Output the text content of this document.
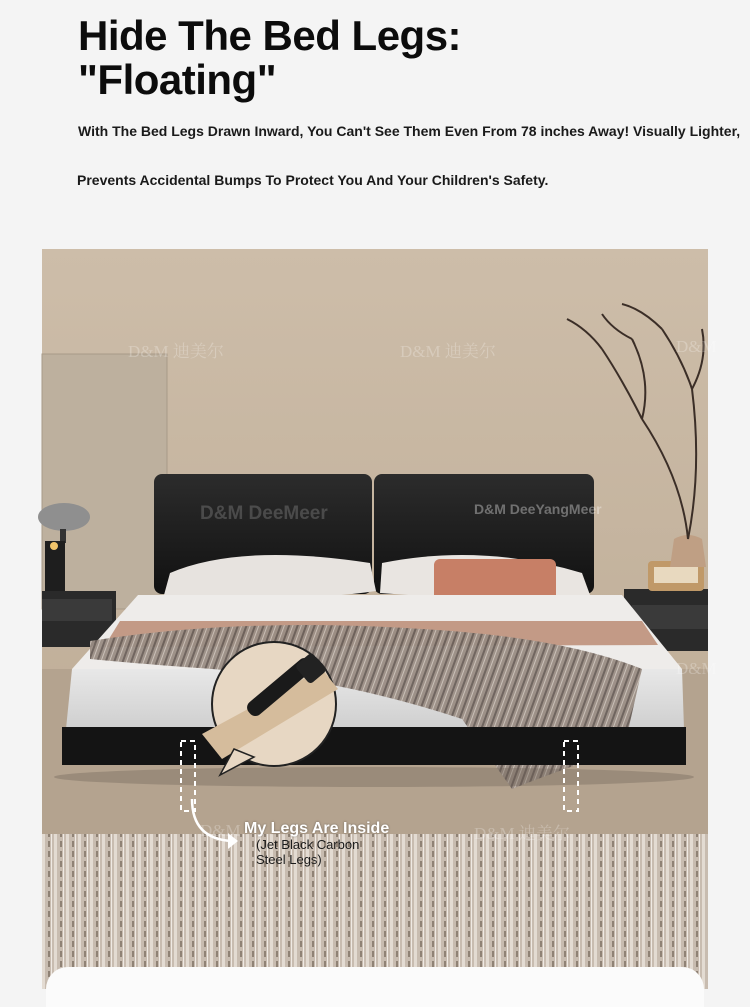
Hide The Bed Legs:
"Floating"
With The Bed Legs Drawn Inward, You Can't See Them Even From 78 inches Away! Visually Lighter,
Prevents Accidental Bumps To Protect You And Your Children's Safety.
D&M 迪美尔	D&M 迪美尔	D&M
D&M
D&M 迪美尔
D&M
D&M DeeMeer	D&M DeeYangMeer
My Legs Are Inside
(Jet Black Carbon
Steel Legs)
